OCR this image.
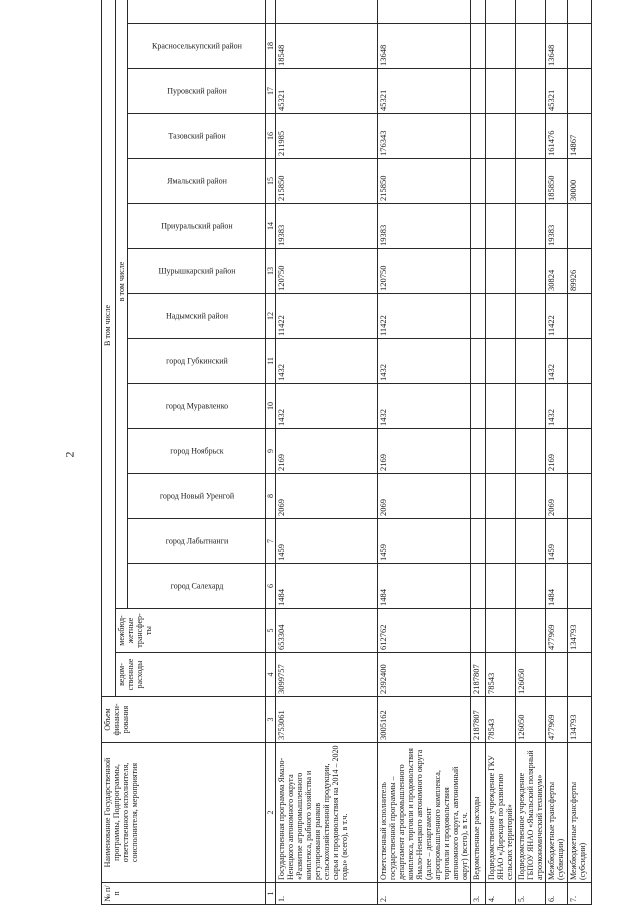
2
№ п/п	Наименование Государственной программы, Подпрограммы, ответственного исполнителя, соисполнителя, мероприятия	Объем финанси-рования	В том числе															
			ведом-ственные расходы	межбюд-жетные трансфер-ты	в том числе													

					город Салехард	город Лабытнанги	город Новый Уренгой	город Ноябрьск	город Муравленко	город Губкинский	Надымский район	Шурышкарский район	Приуральский район	Ямальский район	Тазовский район	Пуровский район	Красноселькупский район

1	2	3	4	5	6	7	8	9	10	11	12	13	14	15	16	17	18	
1.	Государственная программа Ямало-Ненецкого автономного округа «Развитие агропромышленного комплекса, рыбного хозяйства и регулирования рынков сельскохозяйственной продукции, сырья и продовольствия на 2014 – 2020 годы» (всего), в т.ч.	3753061	3099757	653304	1484	1459	2069	2169	1432	1432	11422	120750	19383	215850	211985	45321	18548	
2.	Ответственный исполнитель государственной программы – департамент агропромышленного комплекса, торговли и продовольствия Ямало-Ненецкого автономного округа (далее – департамент агропромышленного комплекса, торговли и продовольствия автономного округа, автономный округ) (всего), в т.ч.	3005162	2392400	612762	1484	1459	2069	2169	1432	1432	11422	120750	19383	215850	176343	45321	13648	
3.	Ведомственные расходы	2187807	2187807															
4.	Подведомственное учреждение ГКУ ЯНАО «Дирекция по развитию сельских территорий»	78543	78543															
5.	Подведомственное учреждение ГБПОУ ЯНАО «Ямальский полярный агроэкономический техникум»	126050	126050															
6.	Межбюджетные трансферты (субвенции)	477969		477969	1484	1459	2069	2169	1432	1432	11422	30824	19383	185850	161476	45321	13648	
7.	Межбюджетные трансферты (субсидии)	134793		134793								89926		30000	14867			
